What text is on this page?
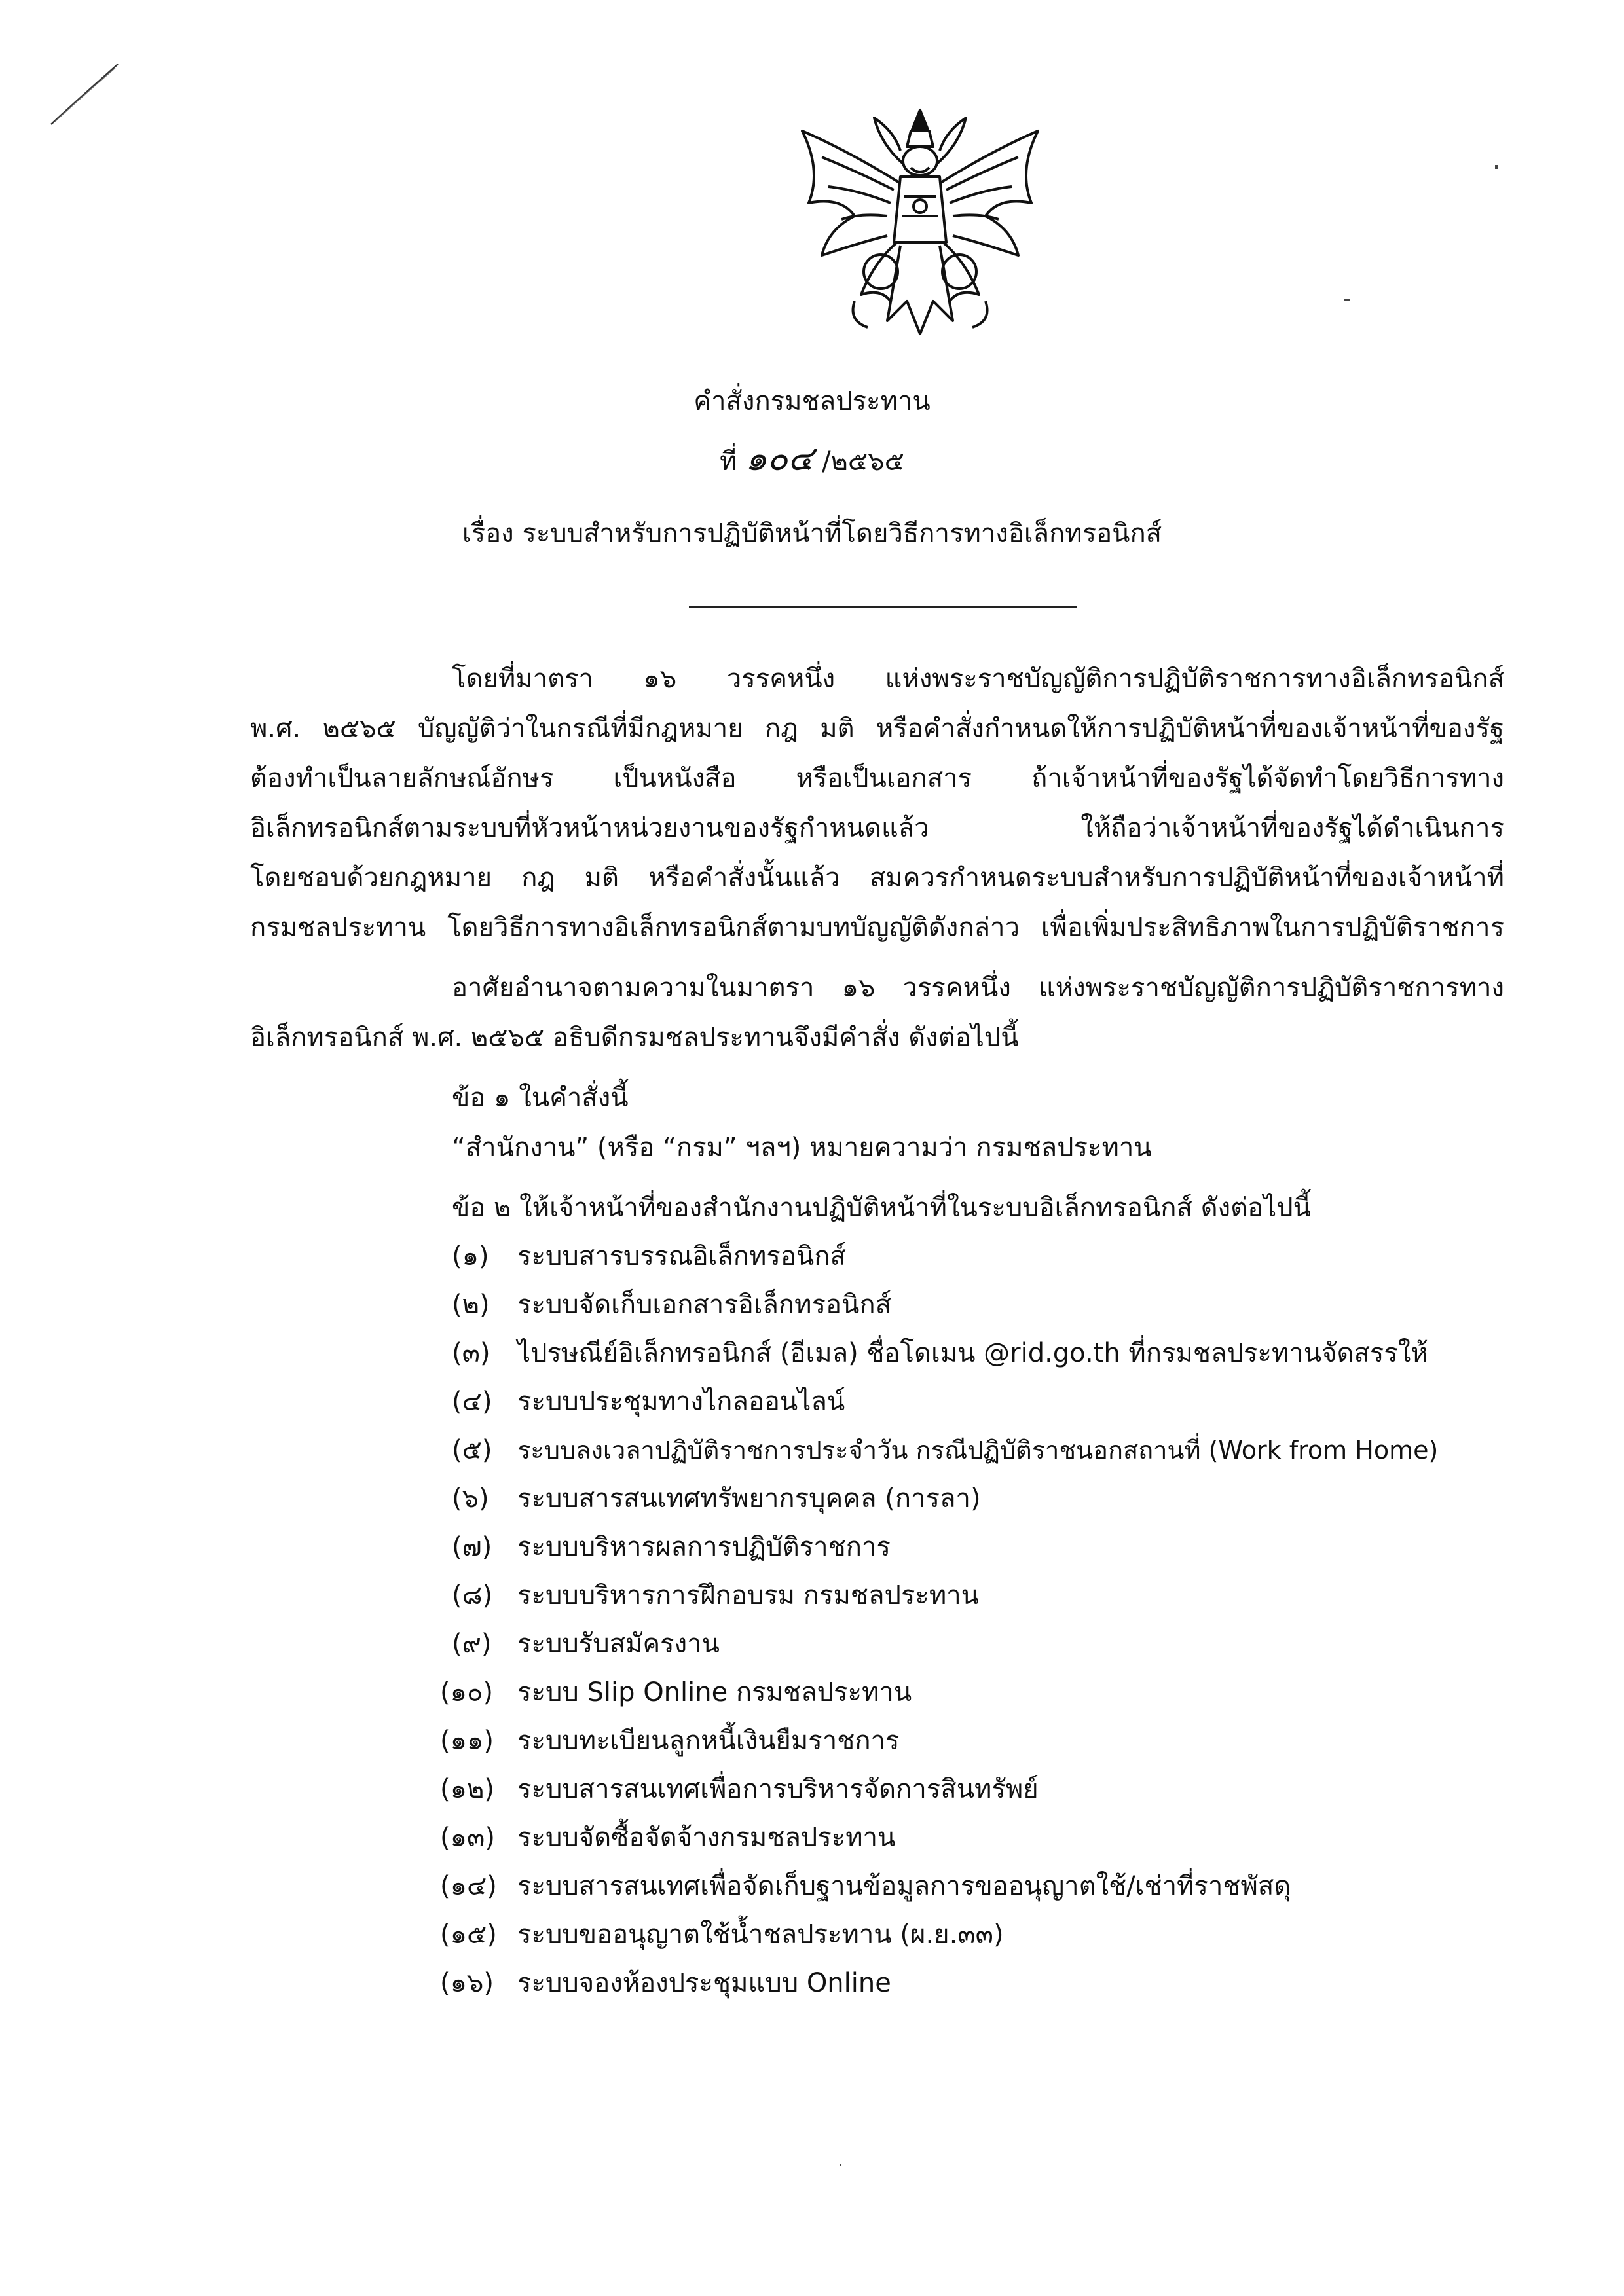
คำสั่งกรมชลประทาน
ที่ ๑๐๔ /๒๕๖๕
เรื่อง ระบบสำหรับการปฏิบัติหน้าที่โดยวิธีการทางอิเล็กทรอนิกส์
โดยที่มาตรา ๑๖ วรรคหนึ่ง แห่งพระราชบัญญัติการปฏิบัติราชการทางอิเล็กทรอนิกส์
พ.ศ. ๒๕๖๕ บัญญัติว่าในกรณีที่มีกฎหมาย กฎ มติ หรือคำสั่งกำหนดให้การปฏิบัติหน้าที่ของเจ้าหน้าที่ของรัฐ
ต้องทำเป็นลายลักษณ์อักษร เป็นหนังสือ หรือเป็นเอกสาร ถ้าเจ้าหน้าที่ของรัฐได้จัดทำโดยวิธีการทาง
อิเล็กทรอนิกส์ตามระบบที่หัวหน้าหน่วยงานของรัฐกำหนดแล้ว ให้ถือว่าเจ้าหน้าที่ของรัฐได้ดำเนินการ
โดยชอบด้วยกฎหมาย กฎ มติ หรือคำสั่งนั้นแล้ว สมควรกำหนดระบบสำหรับการปฏิบัติหน้าที่ของเจ้าหน้าที่
กรมชลประทาน โดยวิธีการทางอิเล็กทรอนิกส์ตามบทบัญญัติดังกล่าว เพื่อเพิ่มประสิทธิภาพในการปฏิบัติราชการ
อาศัยอำนาจตามความในมาตรา ๑๖ วรรคหนึ่ง แห่งพระราชบัญญัติการปฏิบัติราชการทาง
อิเล็กทรอนิกส์ พ.ศ. ๒๕๖๕ อธิบดีกรมชลประทานจึงมีคำสั่ง ดังต่อไปนี้
ข้อ ๑ ในคำสั่งนี้
“สำนักงาน” (หรือ “กรม” ฯลฯ) หมายความว่า กรมชลประทาน
ข้อ ๒ ให้เจ้าหน้าที่ของสำนักงานปฏิบัติหน้าที่ในระบบอิเล็กทรอนิกส์ ดังต่อไปนี้
(๑) ระบบสารบรรณอิเล็กทรอนิกส์
(๒) ระบบจัดเก็บเอกสารอิเล็กทรอนิกส์
(๓) ไปรษณีย์อิเล็กทรอนิกส์ (อีเมล) ชื่อโดเมน @rid.go.th ที่กรมชลประทานจัดสรรให้
(๔) ระบบประชุมทางไกลออนไลน์
(๕) ระบบลงเวลาปฏิบัติราชการประจำวัน กรณีปฏิบัติราชนอกสถานที่ (Work from Home)
(๖) ระบบสารสนเทศทรัพยากรบุคคล (การลา)
(๗) ระบบบริหารผลการปฏิบัติราชการ
(๘) ระบบบริหารการฝึกอบรม กรมชลประทาน
(๙) ระบบรับสมัครงาน
(๑๐) ระบบ Slip Online กรมชลประทาน
(๑๑) ระบบทะเบียนลูกหนี้เงินยืมราชการ
(๑๒) ระบบสารสนเทศเพื่อการบริหารจัดการสินทรัพย์
(๑๓) ระบบจัดซื้อจัดจ้างกรมชลประทาน
(๑๔) ระบบสารสนเทศเพื่อจัดเก็บฐานข้อมูลการขออนุญาตใช้/เช่าที่ราชพัสดุ
(๑๕) ระบบขออนุญาตใช้น้ำชลประทาน (ผ.ย.๓๓)
(๑๖) ระบบจองห้องประชุมแบบ Online
